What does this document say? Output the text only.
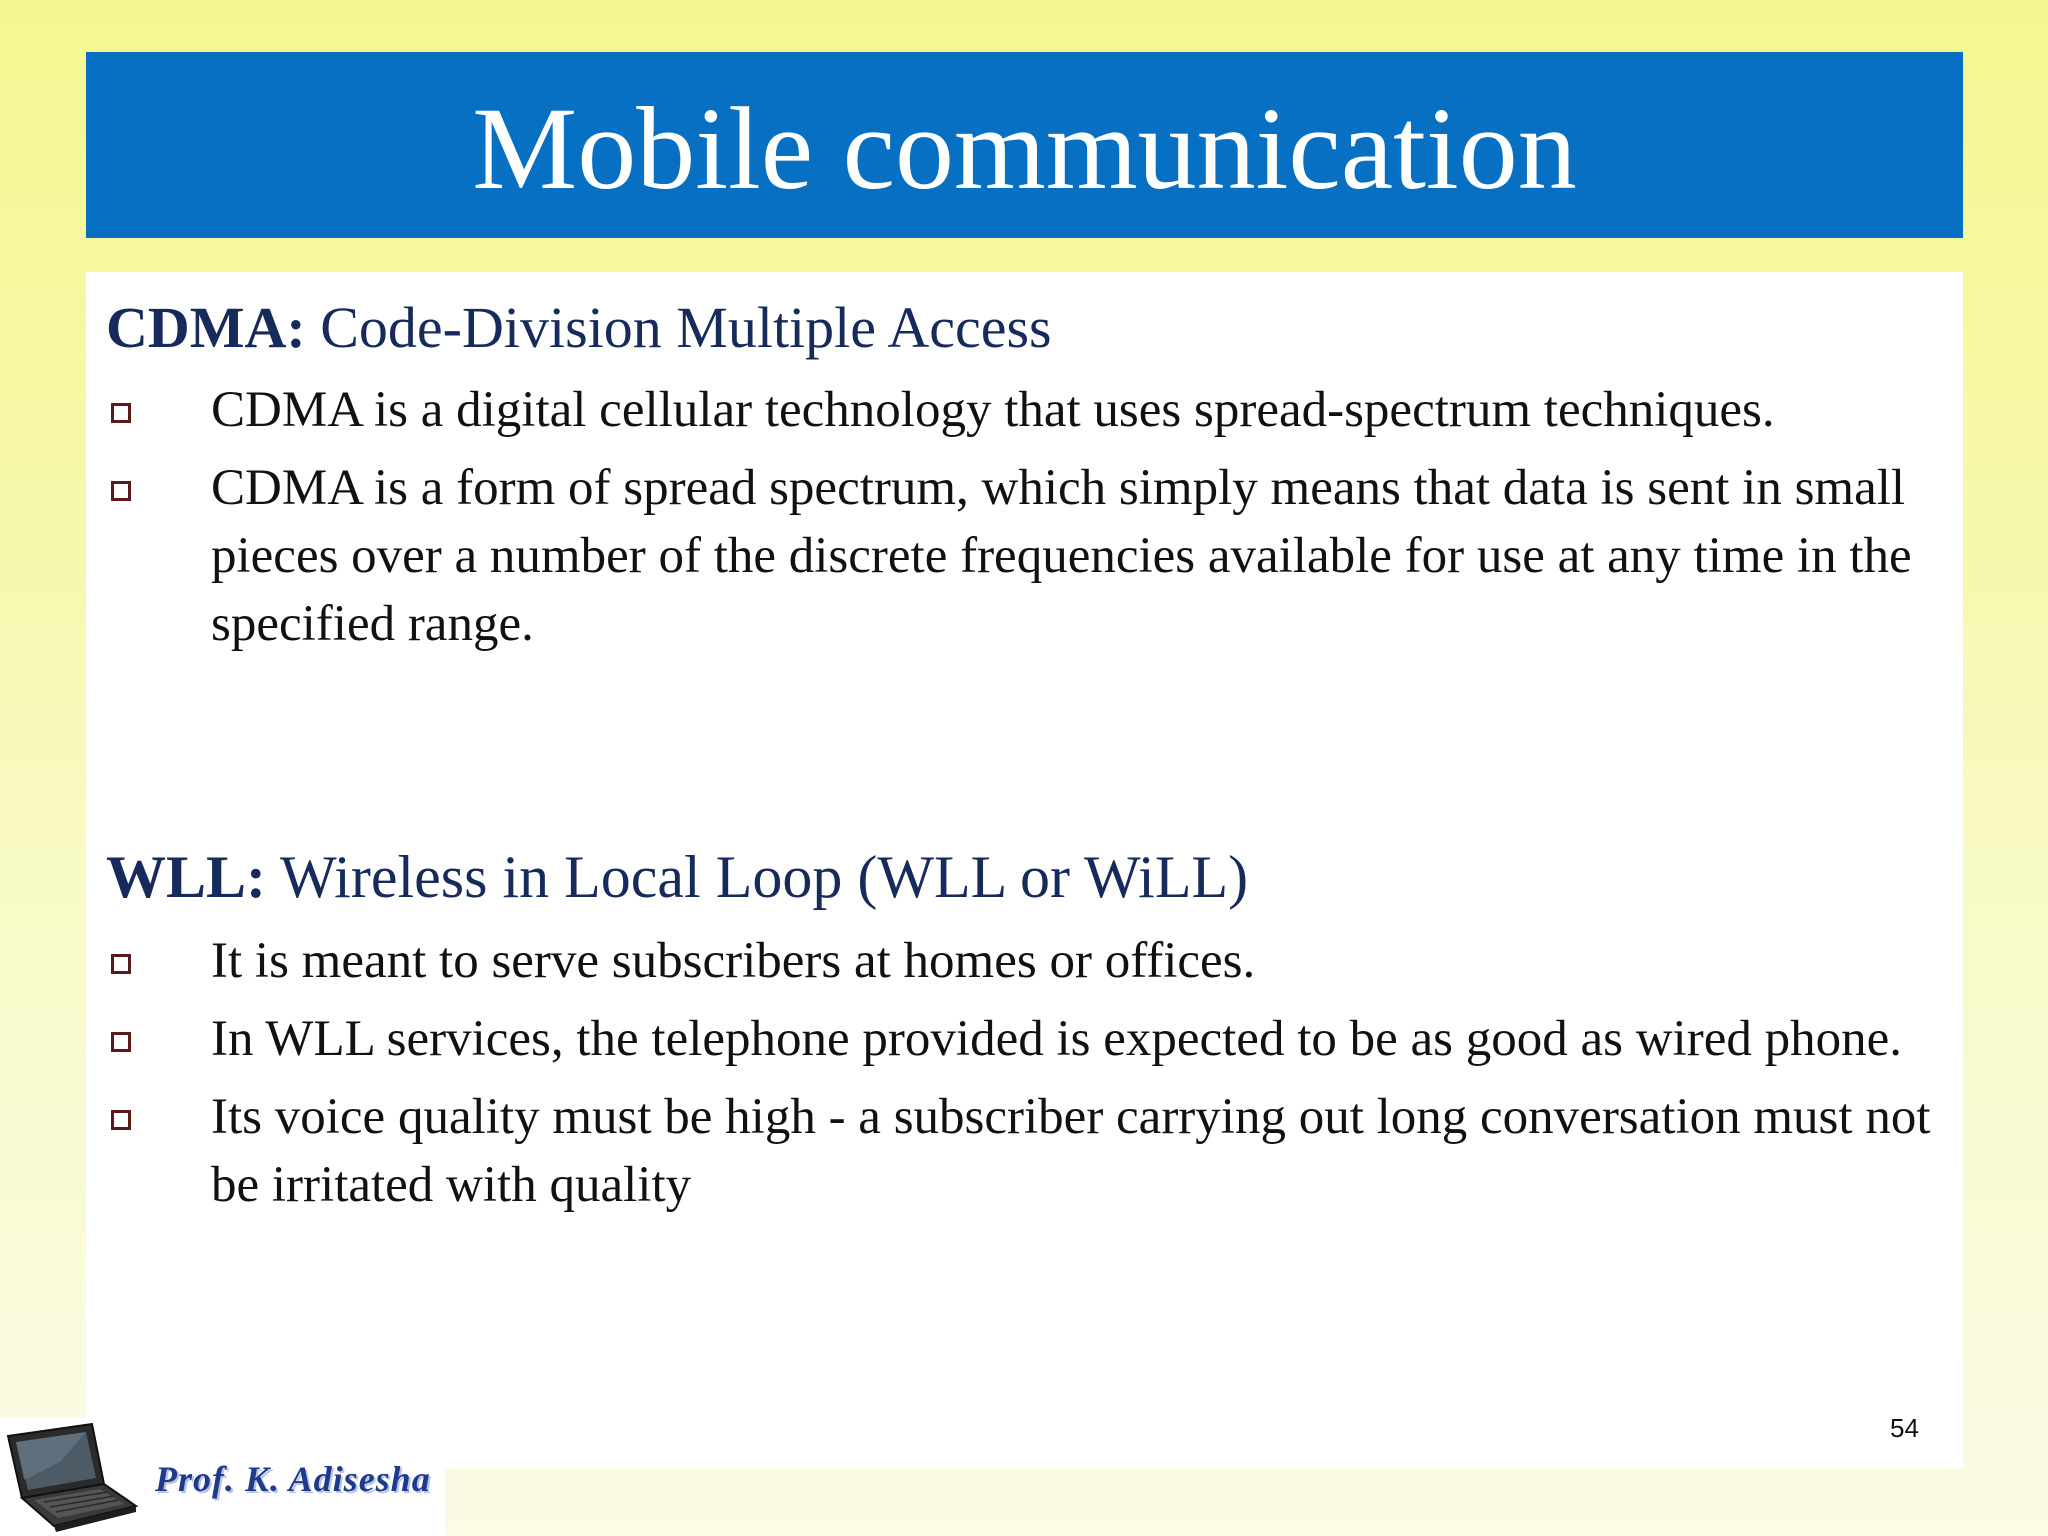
Mobile communication
CDMA: Code-Division Multiple Access
CDMA is a digital cellular technology that uses spread-spectrum techniques.
CDMA is a form of spread spectrum, which simply means that data is sent in small pieces over a number of the discrete frequencies available for use at any time in the specified range.
WLL: Wireless in Local Loop (WLL or WiLL)
It is meant to serve subscribers at homes or offices.
In WLL services, the telephone provided is expected to be as good as wired phone.
Its voice quality must be high - a subscriber carrying out long conversation must not be irritated with quality
54
Prof. K. Adisesha
